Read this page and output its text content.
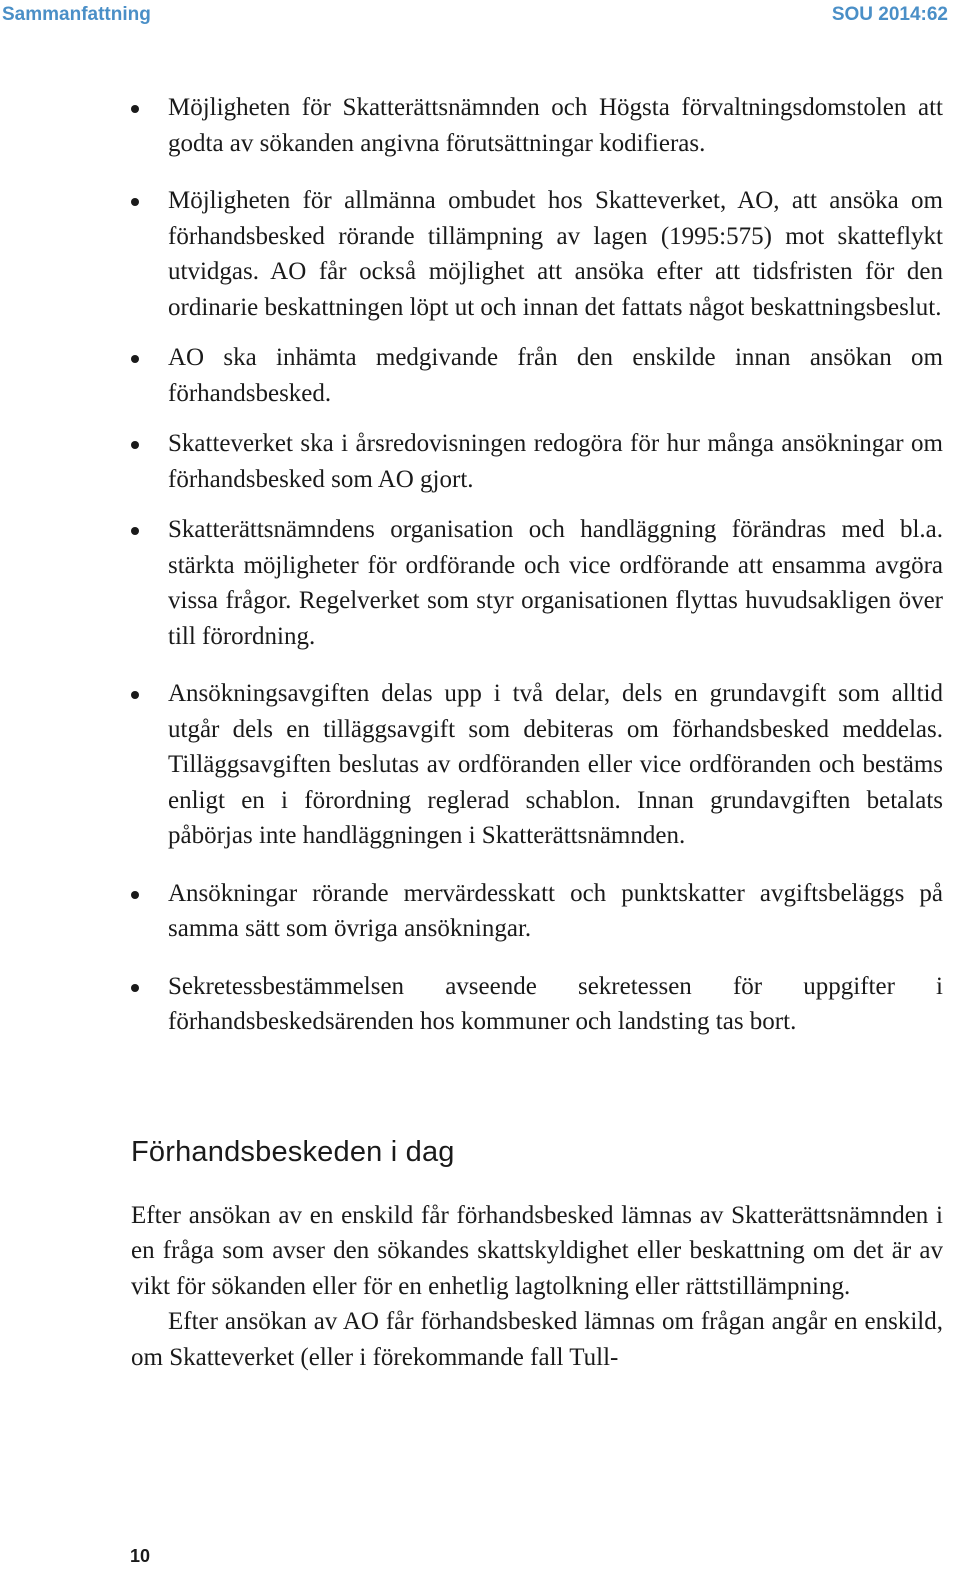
Sammanfattning	SOU 2014:62
Möjligheten för Skatterättsnämnden och Högsta förvaltningsdomstolen att godta av sökanden angivna förutsättningar kodifieras.
Möjligheten för allmänna ombudet hos Skatteverket, AO, att ansöka om förhandsbesked rörande tillämpning av lagen (1995:575) mot skatteflykt utvidgas. AO får också möjlighet att ansöka efter att tidsfristen för den ordinarie beskattningen löpt ut och innan det fattats något beskattningsbeslut.
AO ska inhämta medgivande från den enskilde innan ansökan om förhandsbesked.
Skatteverket ska i årsredovisningen redogöra för hur många ansökningar om förhandsbesked som AO gjort.
Skatterättsnämndens organisation och handläggning förändras med bl.a. stärkta möjligheter för ordförande och vice ordförande att ensamma avgöra vissa frågor. Regelverket som styr organisationen flyttas huvudsakligen över till förordning.
Ansökningsavgiften delas upp i två delar, dels en grundavgift som alltid utgår dels en tilläggsavgift som debiteras om förhandsbesked meddelas. Tilläggsavgiften beslutas av ordföranden eller vice ordföranden och bestäms enligt en i förordning reglerad schablon. Innan grundavgiften betalats påbörjas inte handläggningen i Skatterättsnämnden.
Ansökningar rörande mervärdesskatt och punktskatter avgiftsbeläggs på samma sätt som övriga ansökningar.
Sekretessbestämmelsen avseende sekretessen för uppgifter i förhandsbeskedsärenden hos kommuner och landsting tas bort.
Förhandsbeskeden i dag

Efter ansökan av en enskild får förhandsbesked lämnas av Skatterättsnämnden i en fråga som avser den sökandes skattskyldighet eller beskattning om det är av vikt för sökanden eller för en enhetlig lagtolkning eller rättstillämpning.

Efter ansökan av AO får förhandsbesked lämnas om frågan angår en enskild, om Skatteverket (eller i förekommande fall Tull-

10
